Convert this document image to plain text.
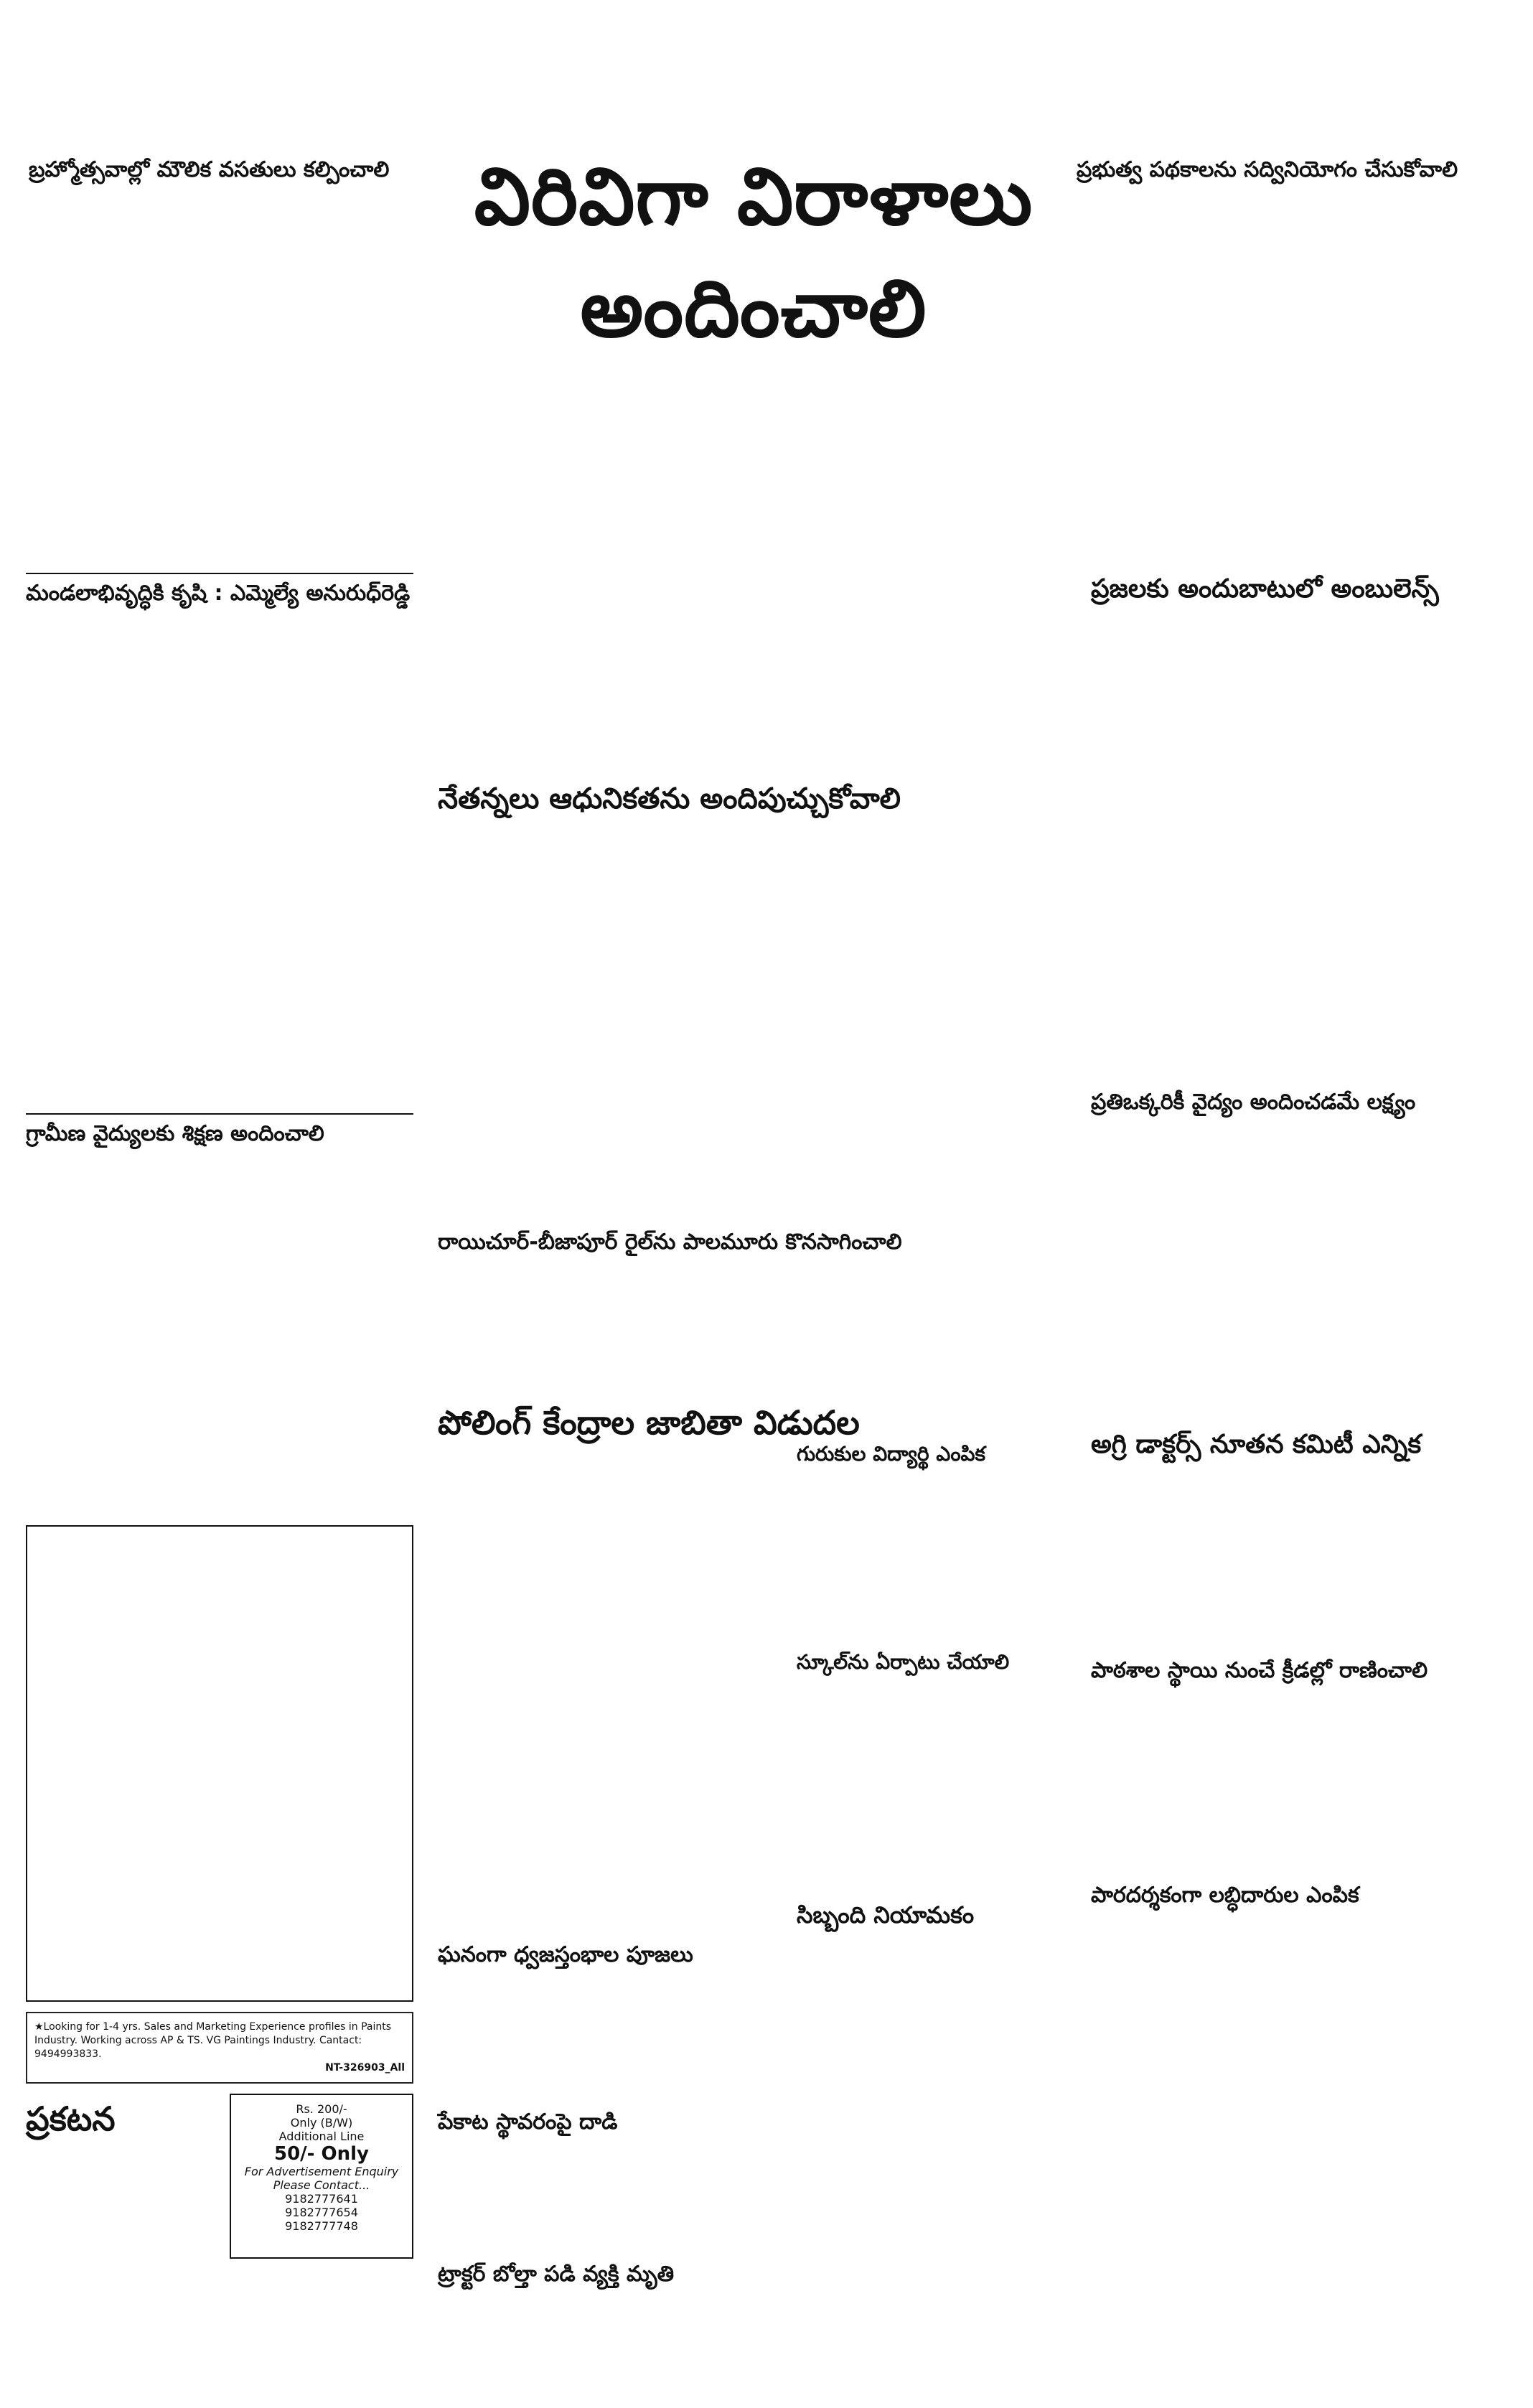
బ్రహ్మోత్సవాల్లో మౌలిక వసతులు కల్పించాలి	విరివిగా విరాళాలు అందించాలి
ప్రభుత్వ పథకాలను సద్వినియోగం చేసుకోవాలి
మండలాభివృద్ధికి కృషి : ఎమ్మెల్యే అనురుధ్‌రెడ్డి
గ్రామీణ వైద్యులకు శిక్షణ అందించాలి
★Looking for 1-4 yrs. Sales and Marketing Experience profiles in Paints Industry. Working across AP & TS. VG Paintings Industry. Cantact: 9494993833.
NT-326903_All
ప్రకటన	Rs. 200/-
Only (B/W)
Additional Line
50/- Only
For Advertisement Enquiry
Please Contact...
9182777641
9182777654
9182777748
నేతన్నలు ఆధునికతను అందిపుచ్చుకోవాలి
రాయిచూర్-బీజాపూర్ రైల్‌ను పాలమూరు కొనసాగించాలి
పోలింగ్ కేంద్రాల జాబితా విడుదల
ఘనంగా ధ్వజస్తంభాల పూజలు
పేకాట స్థావరంపై దాడి
ట్రాక్టర్ బోల్తా పడి వ్యక్తి మృతి
ప్రజలకు అందుబాటులో అంబులెన్స్
ప్రతిఒక్కరికీ వైద్యం అందించడమే లక్ష్యం
అగ్రి డాక్టర్స్ నూతన కమిటీ ఎన్నిక
పాఠశాల స్థాయి నుంచే క్రీడల్లో రాణించాలి
పారదర్శకంగా లబ్ధిదారుల ఎంపిక
గురుకుల విద్యార్థి ఎంపిక
స్కూల్‌ను ఏర్పాటు చేయాలి
సిబ్బంది నియామకం
